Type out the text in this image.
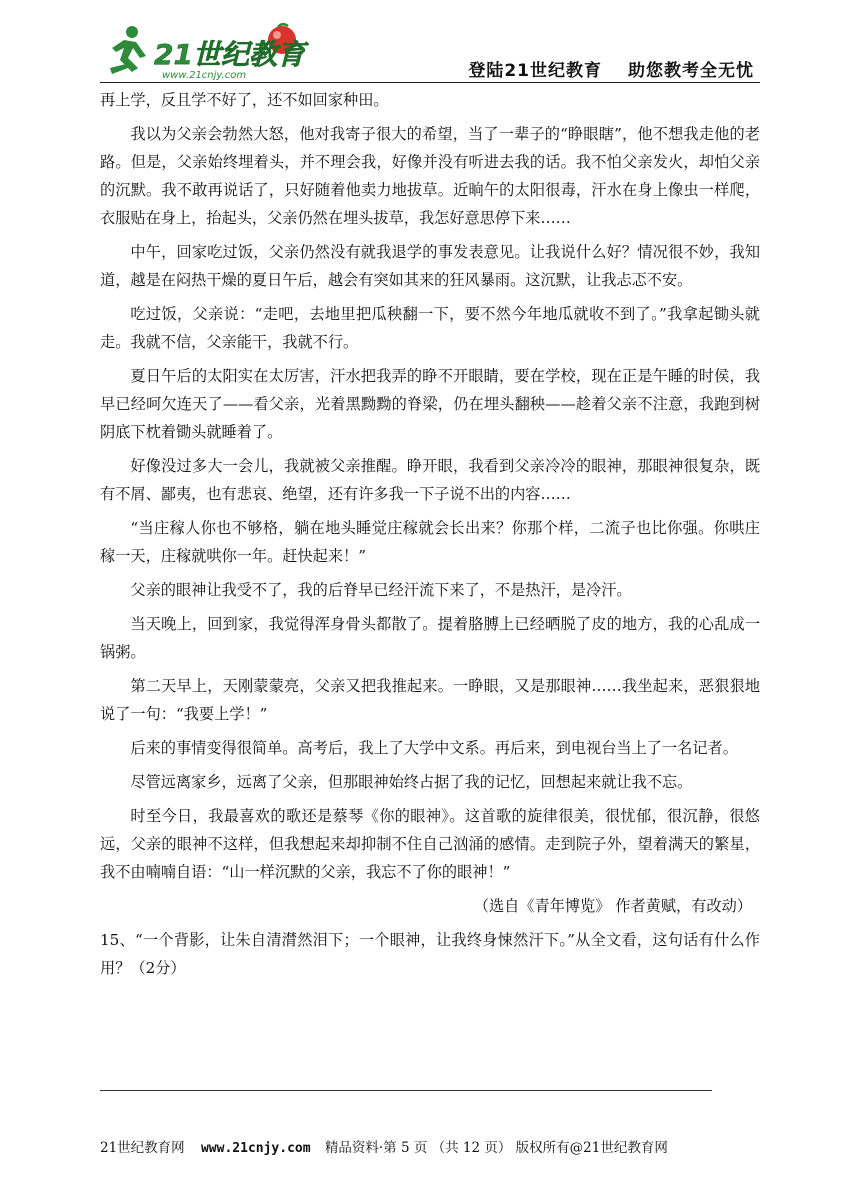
21世纪教育
www.21cnjy.com	登陆21世纪教育 助您教考全无忧

再上学，反且学不好了，还不如回家种田。

我以为父亲会勃然大怒，他对我寄子很大的希望，当了一辈子的“睁眼瞎”，他不想我走他的老路。但是，父亲始终埋着头，并不理会我，好像并没有听进去我的话。我不怕父亲发火，却怕父亲的沉默。我不敢再说话了，只好随着他卖力地拔草。近晌午的太阳很毒，汗水在身上像虫一样爬，衣服贴在身上，抬起头，父亲仍然在埋头拔草，我怎好意思停下来……

中午，回家吃过饭，父亲仍然没有就我退学的事发表意见。让我说什么好？情况很不妙，我知道，越是在闷热干燥的夏日午后，越会有突如其来的狂风暴雨。这沉默，让我忐忑不安。

吃过饭，父亲说：“走吧，去地里把瓜秧翻一下，要不然今年地瓜就收不到了。”我拿起锄头就走。我就不信，父亲能干，我就不行。

夏日午后的太阳实在太厉害，汗水把我弄的睁不开眼睛，要在学校，现在正是午睡的时侯，我早已经呵欠连天了——看父亲，光着黑黝黝的脊梁，仍在埋头翻秧——趁着父亲不注意，我跑到树阴底下枕着锄头就睡着了。

好像没过多大一会儿，我就被父亲推醒。睁开眼，我看到父亲冷冷的眼神，那眼神很复杂，既有不屑、鄙夷，也有悲哀、绝望，还有许多我一下子说不出的内容……

“当庄稼人你也不够格，躺在地头睡觉庄稼就会长出来？你那个样，二流子也比你强。你哄庄稼一天，庄稼就哄你一年。赶快起来！”

父亲的眼神让我受不了，我的后脊早已经汗流下来了，不是热汗，是冷汗。

当天晚上，回到家，我觉得浑身骨头都散了。提着胳膊上已经晒脱了皮的地方，我的心乱成一锅粥。

第二天早上，天刚蒙蒙亮，父亲又把我推起来。一睁眼，又是那眼神……我坐起来，恶狠狠地说了一句：“我要上学！”

后来的事情变得很简单。高考后，我上了大学中文系。再后来，到电视台当上了一名记者。

尽管远离家乡，远离了父亲，但那眼神始终占据了我的记忆，回想起来就让我不忘。

时至今日，我最喜欢的歌还是蔡琴《你的眼神》。这首歌的旋律很美，很忧郁，很沉静，很悠远，父亲的眼神不这样，但我想起来却抑制不住自己汹涌的感情。走到院子外，望着满天的繁星，我不由喃喃自语：“山一样沉默的父亲，我忘不了你的眼神！”

（选自《青年博览》 作者黄赋，有改动）

15、“一个背影，让朱自清潸然泪下；一个眼神，让我终身悚然汗下。”从全文看，这句话有什么作用？（2分）

21世纪教育网 www.21cnjy.com 精品资料·第 5 页 （共 12 页） 版权所有@21世纪教育网
